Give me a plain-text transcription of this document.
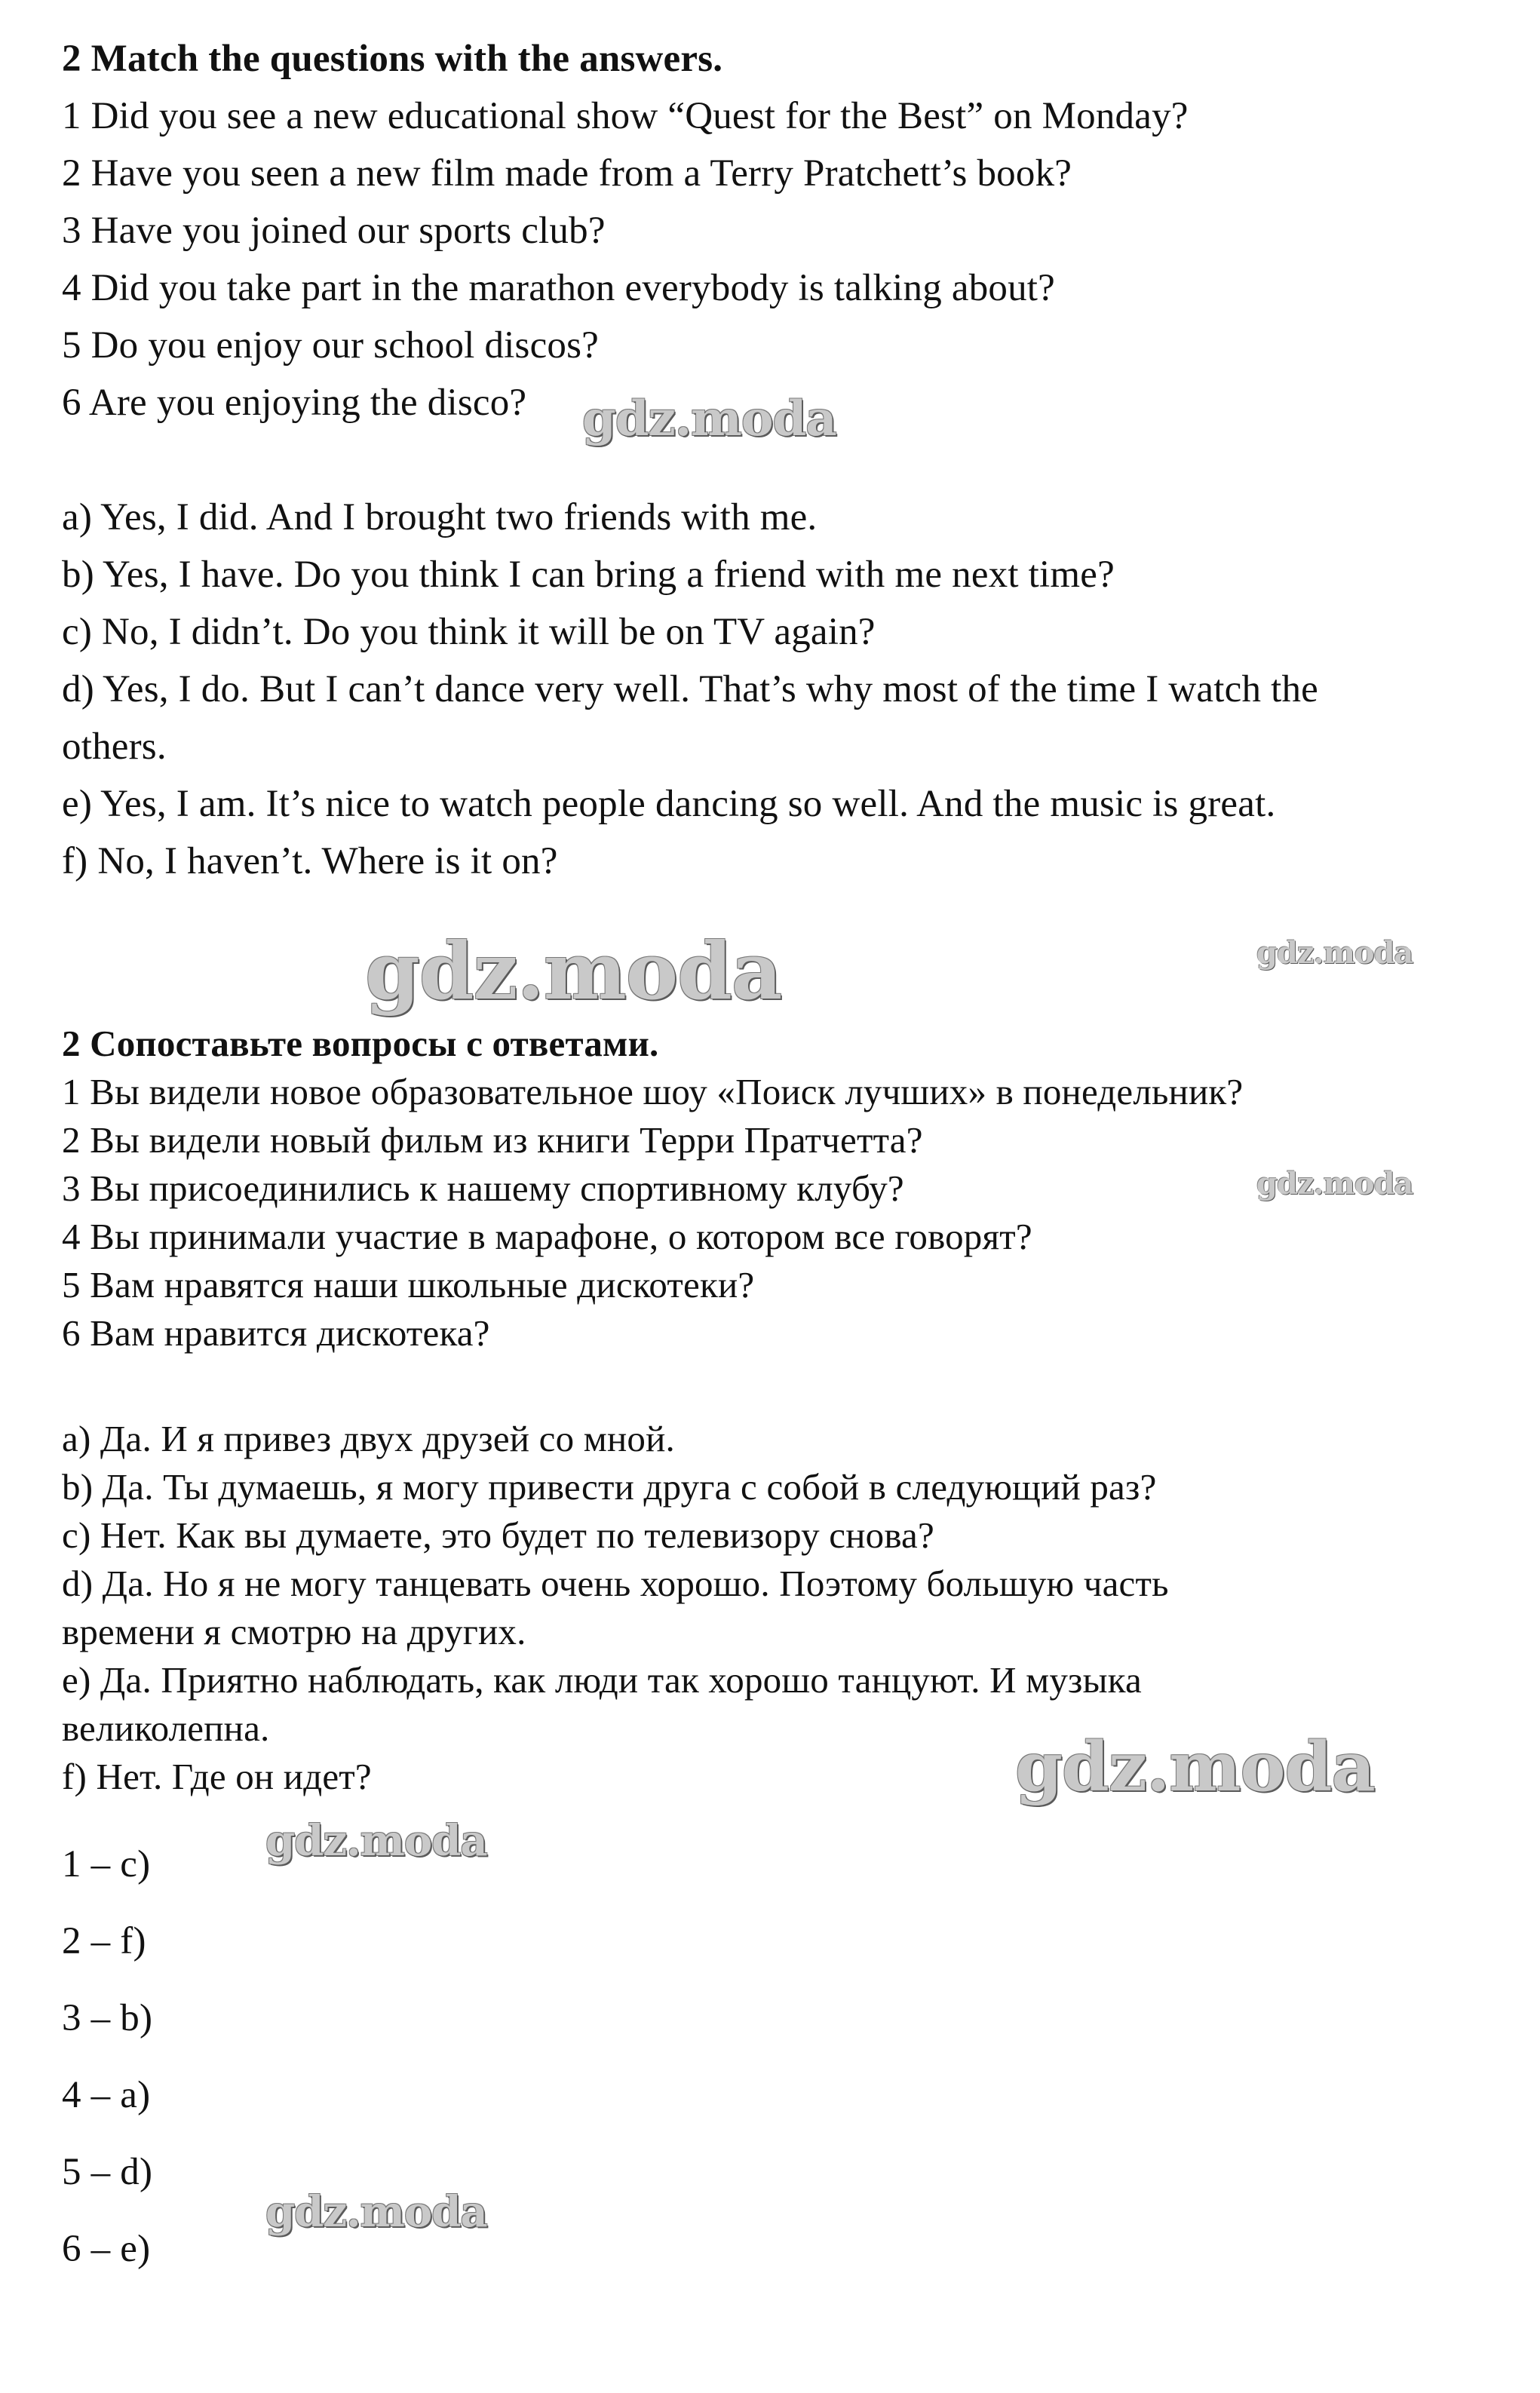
2 Match the questions with the answers.
1 Did you see a new educational show “Quest for the Best” on Monday?
2 Have you seen a new film made from a Terry Pratchett’s book?
3 Have you joined our sports club?
4 Did you take part in the marathon everybody is talking about?
5 Do you enjoy our school discos?
6 Are you enjoying the disco?
a) Yes, I did. And I brought two friends with me.
b) Yes, I have. Do you think I can bring a friend with me next time?
c) No, I didn’t. Do you think it will be on TV again?
d) Yes, I do. But I can’t dance very well. That’s why most of the time I watch the
others.
e) Yes, I am. It’s nice to watch people dancing so well. And the music is great.
f) No, I haven’t. Where is it on?
2 Сопоставьте вопросы с ответами.
1 Вы видели новое образовательное шоу «Поиск лучших» в понедельник?
2 Вы видели новый фильм из книги Терри Пратчетта?
3 Вы присоединились к нашему спортивному клубу?
4 Вы принимали участие в марафоне, о котором все говорят?
5 Вам нравятся наши школьные дискотеки?
6 Вам нравится дискотека?
a) Да. И я привез двух друзей со мной.
b) Да. Ты думаешь, я могу привести друга с собой в следующий раз?
c) Нет. Как вы думаете, это будет по телевизору снова?
d) Да. Но я не могу танцевать очень хорошо. Поэтому большую часть
времени я смотрю на других.
e) Да. Приятно наблюдать, как люди так хорошо танцуют. И музыка
великолепна.
f) Нет. Где он идет?
1 – c)
2 – f)
3 – b)
4 – a)
5 – d)
6 – e)
gdz.moda
gdz.moda	gdz.moda
gdz.moda
gdz.moda
gdz.moda
gdz.moda
